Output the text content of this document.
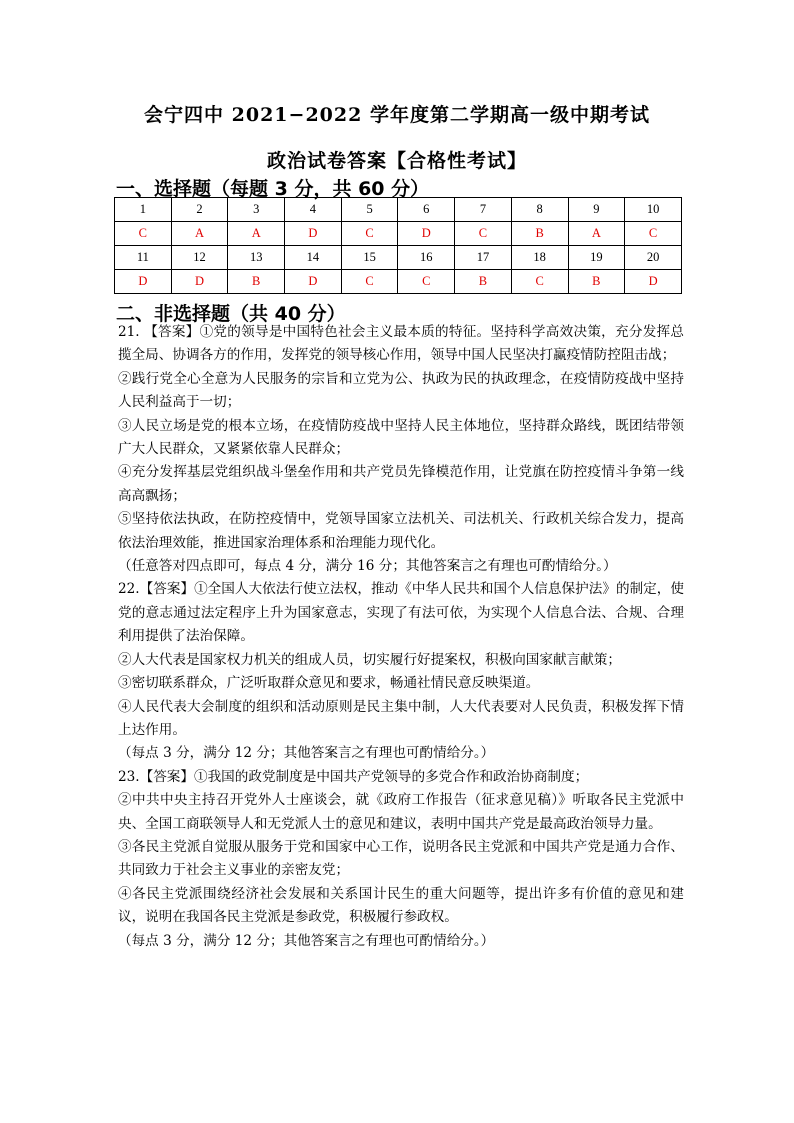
会宁四中 2021−2022 学年度第二学期高一级中期考试
政治试卷答案【合格性考试】
一、选择题（每题 3 分，共 60 分）
1	2	3	4	5	6	7	8	9	10
C	A	A	D	C	D	C	B	A	C
11	12	13	14	15	16	17	18	19	20
D	D	B	D	C	C	B	C	B	D
二、非选择题（共 40 分）

21. 【答案】①党的领导是中国特色社会主义最本质的特征。坚持科学高效决策，充分发挥总揽全局、协调各方的作用，发挥党的领导核心作用，领导中国人民坚决打赢疫情防控阻击战；

②践行党全心全意为人民服务的宗旨和立党为公、执政为民的执政理念，在疫情防疫战中坚持人民利益高于一切；

③人民立场是党的根本立场，在疫情防疫战中坚持人民主体地位，坚持群众路线，既团结带领广大人民群众，又紧紧依靠人民群众；

④充分发挥基层党组织战斗堡垒作用和共产党员先锋模范作用，让党旗在防控疫情斗争第一线高高飘扬；

⑤坚持依法执政，在防控疫情中，党领导国家立法机关、司法机关、行政机关综合发力，提高依法治理效能，推进国家治理体系和治理能力现代化。

（任意答对四点即可，每点 4 分，满分 16 分；其他答案言之有理也可酌情给分。）

22.【答案】①全国人大依法行使立法权，推动《中华人民共和国个人信息保护法》的制定，使党的意志通过法定程序上升为国家意志，实现了有法可依，为实现个人信息合法、合规、合理利用提供了法治保障。

②人大代表是国家权力机关的组成人员，切实履行好提案权，积极向国家献言献策；

③密切联系群众，广泛听取群众意见和要求，畅通社情民意反映渠道。

④人民代表大会制度的组织和活动原则是民主集中制，人大代表要对人民负责，积极发挥下情上达作用。

（每点 3 分，满分 12 分；其他答案言之有理也可酌情给分。）

23.【答案】①我国的政党制度是中国共产党领导的多党合作和政治协商制度；

②中共中央主持召开党外人士座谈会，就《政府工作报告（征求意见稿）》听取各民主党派中央、全国工商联领导人和无党派人士的意见和建议，表明中国共产党是最高政治领导力量。

③各民主党派自觉服从服务于党和国家中心工作，说明各民主党派和中国共产党是通力合作、共同致力于社会主义事业的亲密友党；

④各民主党派围绕经济社会发展和关系国计民生的重大问题等，提出许多有价值的意见和建议，说明在我国各民主党派是参政党，积极履行参政权。

（每点 3 分，满分 12 分；其他答案言之有理也可酌情给分。）
